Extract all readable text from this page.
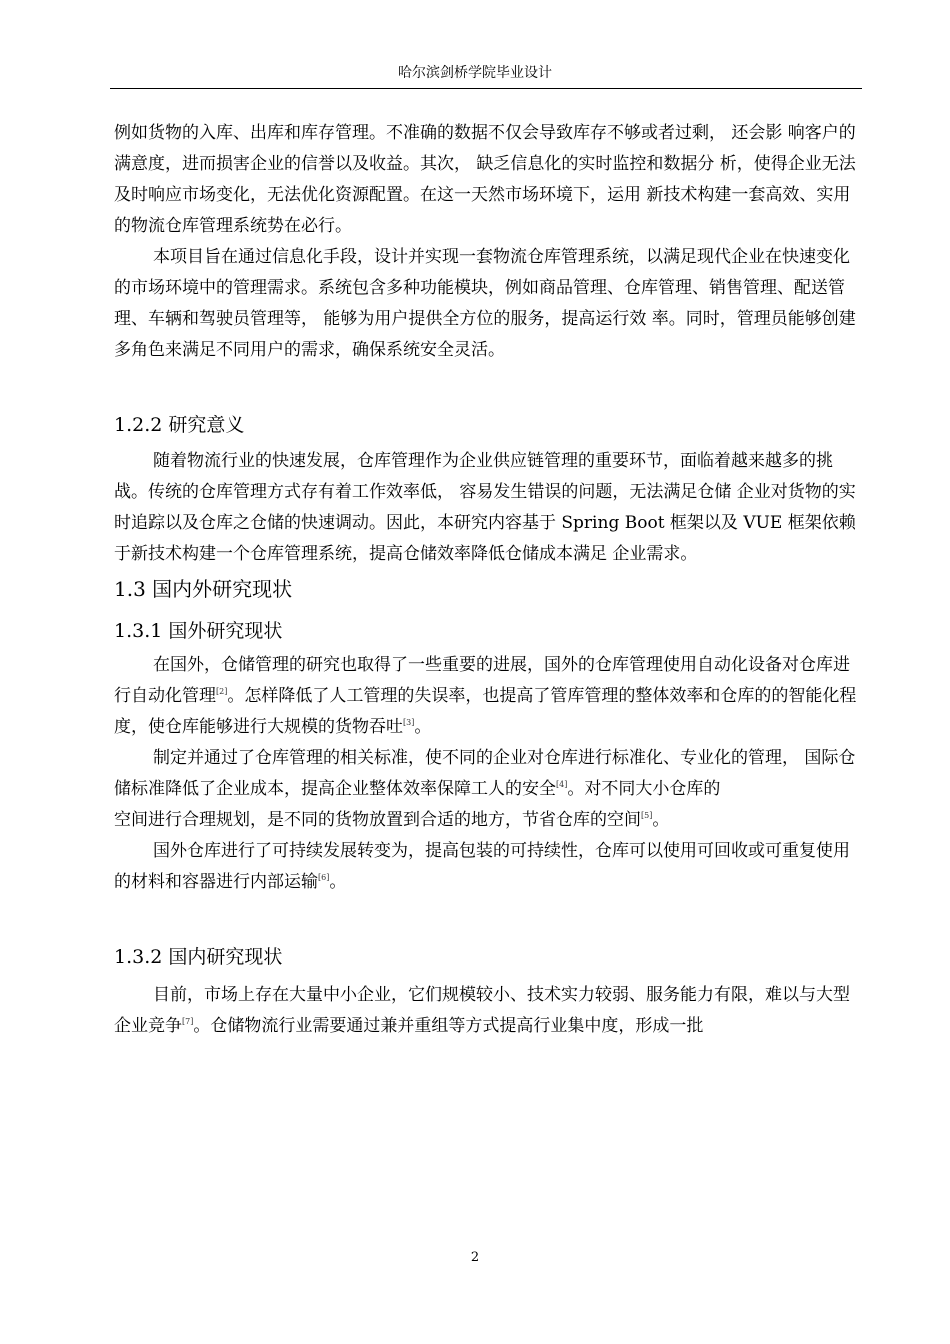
哈尔滨剑桥学院毕业设计

例如货物的入库、出库和库存管理。不准确的数据不仅会导致库存不够或者过剩， 还会影 响客户的满意度，进而损害企业的信誉以及收益。其次， 缺乏信息化的实时监控和数据分 析，使得企业无法及时响应市场变化，无法优化资源配置。在这一天然市场环境下，运用 新技术构建一套高效、实用的物流仓库管理系统势在必行。

本项目旨在通过信息化手段，设计并实现一套物流仓库管理系统，以满足现代企业在快速变化的市场环境中的管理需求。系统包含多种功能模块，例如商品管理、仓库管理、销售管理、配送管理、车辆和驾驶员管理等， 能够为用户提供全方位的服务，提高运行效 率。同时，管理员能够创建多角色来满足不同用户的需求，确保系统安全灵活。

1.2.2 研究意义

随着物流行业的快速发展，仓库管理作为企业供应链管理的重要环节，面临着越来越多的挑战。传统的仓库管理方式存有着工作效率低， 容易发生错误的问题，无法满足仓储 企业对货物的实时追踪以及仓库之仓储的快速调动。因此，本研究内容基于 Spring Boot 框架以及 VUE 框架依赖于新技术构建一个仓库管理系统，提高仓储效率降低仓储成本满足 企业需求。

1.3 国内外研究现状
1.3.1 国外研究现状

在国外，仓储管理的研究也取得了一些重要的进展，国外的仓库管理使用自动化设备对仓库进行自动化管理[2]。怎样降低了人工管理的失误率，也提高了管库管理的整体效率和仓库的的智能化程度，使仓库能够进行大规模的货物吞吐[3]。

制定并通过了仓库管理的相关标准，使不同的企业对仓库进行标准化、专业化的管理， 国际仓储标准降低了企业成本，提高企业整体效率保障工人的安全[4]。对不同大小仓库的

空间进行合理规划，是不同的货物放置到合适的地方，节省仓库的空间[5]。

国外仓库进行了可持续发展转变为，提高包装的可持续性，仓库可以使用可回收或可重复使用的材料和容器进行内部运输[6]。

1.3.2 国内研究现状

目前，市场上存在大量中小企业，它们规模较小、技术实力较弱、服务能力有限，难以与大型企业竞争[7]。仓储物流行业需要通过兼并重组等方式提高行业集中度，形成一批

2
